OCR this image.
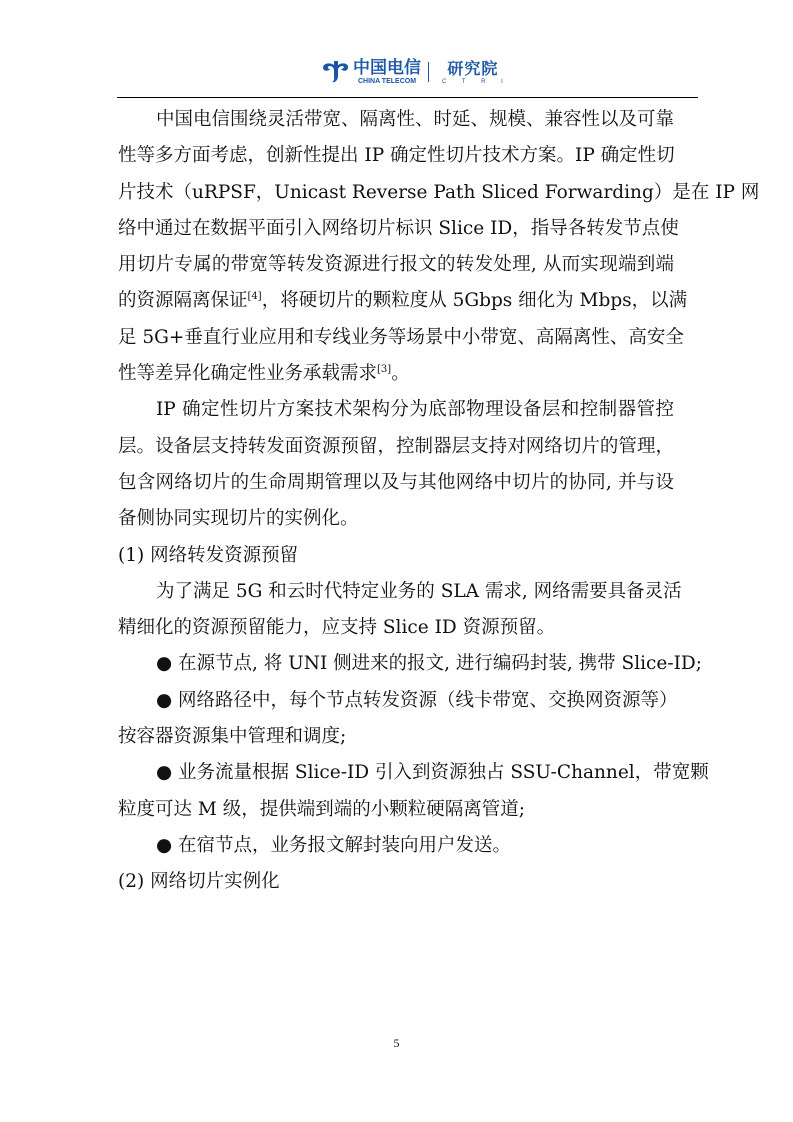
中国电信
CHINA TELECOM
研究院
C T R I
中国电信围绕灵活带宽、隔离性、时延、规模、兼容性以及可靠
性等多方面考虑，创新性提出 IP 确定性切片技术方案。IP 确定性切
片技术（uRPSF，Unicast Reverse Path Sliced Forwarding）是在 IP 网
络中通过在数据平面引入网络切片标识 Slice ID，指导各转发节点使
用切片专属的带宽等转发资源进行报文的转发处理, 从而实现端到端
的资源隔离保证[4]，将硬切片的颗粒度从 5Gbps 细化为 Mbps，以满
足 5G+垂直行业应用和专线业务等场景中小带宽、高隔离性、高安全
性等差异化确定性业务承载需求[3]。
IP 确定性切片方案技术架构分为底部物理设备层和控制器管控
层。设备层支持转发面资源预留，控制器层支持对网络切片的管理，
包含网络切片的生命周期管理以及与其他网络中切片的协同, 并与设
备侧协同实现切片的实例化。
(1) 网络转发资源预留
为了满足 5G 和云时代特定业务的 SLA 需求, 网络需要具备灵活
精细化的资源预留能力，应支持 Slice ID 资源预留。
● 在源节点, 将 UNI 侧进来的报文, 进行编码封装, 携带 Slice-ID;
● 网络路径中，每个节点转发资源（线卡带宽、交换网资源等）
按容器资源集中管理和调度;
● 业务流量根据 Slice-ID 引入到资源独占 SSU-Channel，带宽颗
粒度可达 M 级，提供端到端的小颗粒硬隔离管道;
● 在宿节点，业务报文解封装向用户发送。
(2) 网络切片实例化
5
